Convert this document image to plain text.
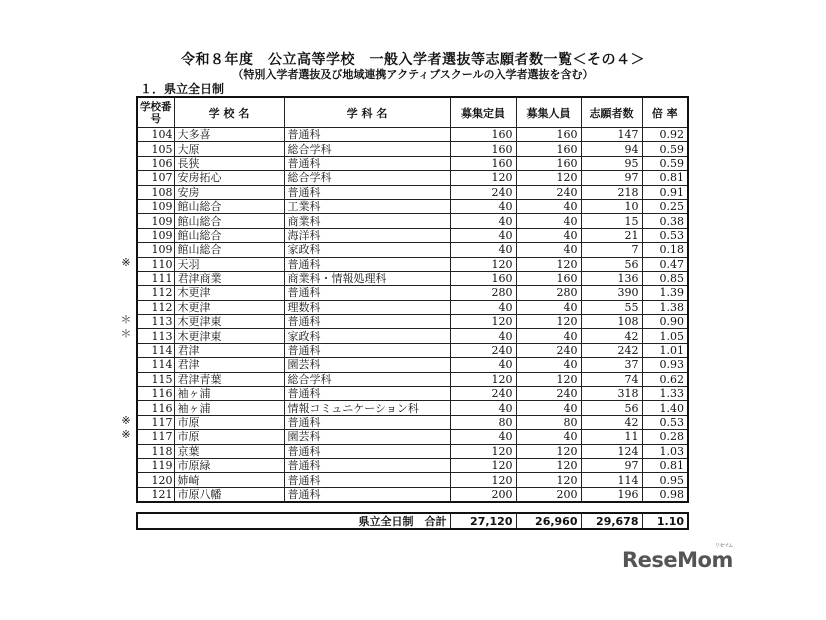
令和８年度　公立高等学校　一般入学者選抜等志願者数一覧＜その４＞
（特別入学者選抜及び地域連携アクティブスクールの入学者選抜を含む）
１．県立全日制
※
＊
＊
※
※
学校番号	学 校 名	学 科 名	募集定員	募集人員	志願者数	倍 率
104	大多喜	普通科	160	160	147	0.92
105	大原	総合学科	160	160	94	0.59
106	長狭	普通科	160	160	95	0.59
107	安房拓心	総合学科	120	120	97	0.81
108	安房	普通科	240	240	218	0.91
109	館山総合	工業科	40	40	10	0.25
109	館山総合	商業科	40	40	15	0.38
109	館山総合	海洋科	40	40	21	0.53
109	館山総合	家政科	40	40	7	0.18
110	天羽	普通科	120	120	56	0.47
111	君津商業	商業科・情報処理科	160	160	136	0.85
112	木更津	普通科	280	280	390	1.39
112	木更津	理数科	40	40	55	1.38
113	木更津東	普通科	120	120	108	0.90
113	木更津東	家政科	40	40	42	1.05
114	君津	普通科	240	240	242	1.01
114	君津	園芸科	40	40	37	0.93
115	君津青葉	総合学科	120	120	74	0.62
116	袖ヶ浦	普通科	240	240	318	1.33
116	袖ヶ浦	情報コミュニケーション科	40	40	56	1.40
117	市原	普通科	80	80	42	0.53
117	市原	園芸科	40	40	11	0.28
118	京葉	普通科	120	120	124	1.03
119	市原緑	普通科	120	120	97	0.81
120	姉崎	普通科	120	120	114	0.95
121	市原八幡	普通科	200	200	196	0.98
県立全日制　合計	27,120	26,960	29,678	1.10
ReseMom
リセマム
